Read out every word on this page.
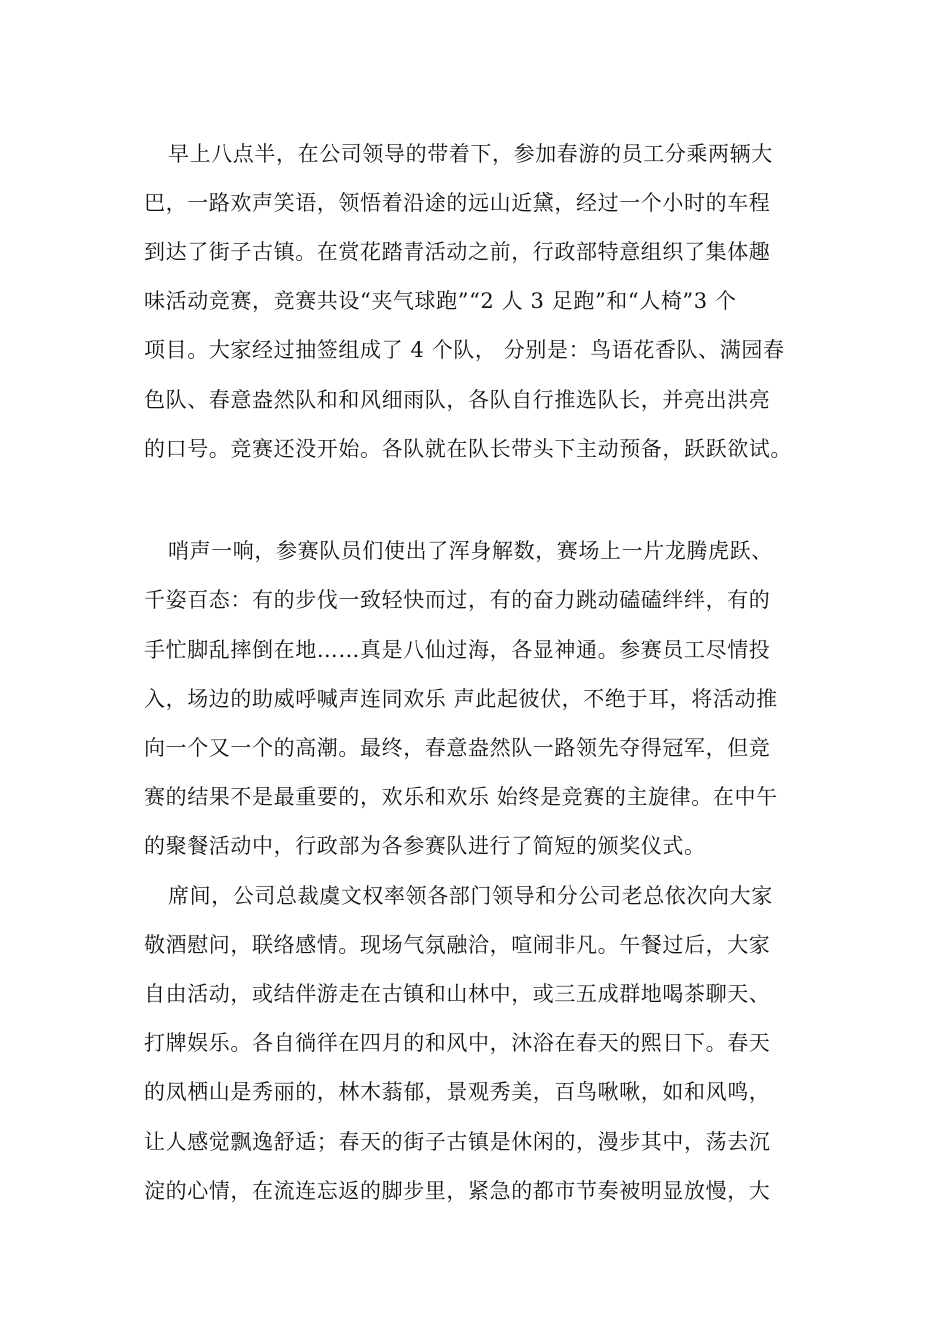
早上八点半，在公司领导的带着下，参加春游的员工分乘两辆大
巴，一路欢声笑语，领悟着沿途的远山近黛，经过一个小时的车程
到达了街子古镇。在赏花踏青活动之前，行政部特意组织了集体趣
味活动竞赛，竞赛共设“夹气球跑”“2 人 3 足跑”和“人椅”3 个
项目。大家经过抽签组成了 4 个队， 分别是：鸟语花香队、满园春
色队、春意盎然队和和风细雨队，各队自行推选队长，并亮出洪亮
的口号。竞赛还没开始。各队就在队长带头下主动预备，跃跃欲试。
哨声一响，参赛队员们使出了浑身解数，赛场上一片龙腾虎跃、
千姿百态：有的步伐一致轻快而过，有的奋力跳动磕磕绊绊，有的
手忙脚乱摔倒在地……真是八仙过海，各显神通。参赛员工尽情投
入，场边的助威呼喊声连同欢乐 声此起彼伏，不绝于耳，将活动推
向一个又一个的高潮。最终，春意盎然队一路领先夺得冠军，但竞
赛的结果不是最重要的，欢乐和欢乐 始终是竞赛的主旋律。在中午
的聚餐活动中，行政部为各参赛队进行了简短的颁奖仪式。
席间，公司总裁虞文权率领各部门领导和分公司老总依次向大家
敬酒慰问，联络感情。现场气氛融洽，喧闹非凡。午餐过后，大家
自由活动，或结伴游走在古镇和山林中，或三五成群地喝茶聊天、
打牌娱乐。各自徜徉在四月的和风中，沐浴在春天的熙日下。春天
的凤栖山是秀丽的，林木蓊郁，景观秀美，百鸟啾啾，如和风鸣，
让人感觉飘逸舒适；春天的街子古镇是休闲的，漫步其中，荡去沉
淀的心情，在流连忘返的脚步里，紧急的都市节奏被明显放慢，大
